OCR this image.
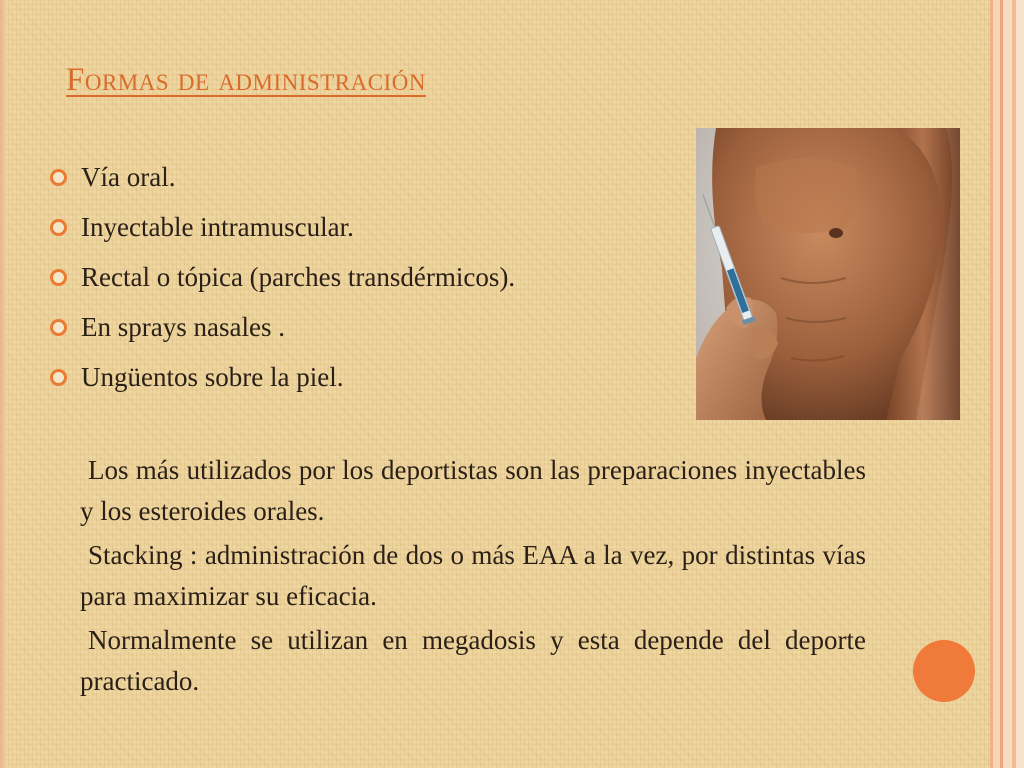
Formas de administración
Vía oral.
Inyectable intramuscular.
Rectal o tópica (parches transdérmicos).
En sprays nasales .
Ungüentos sobre la piel.

Los más utilizados por los deportistas son las preparaciones inyectables y los esteroides orales.

Stacking : administración de dos o más EAA a la vez, por distintas vías para maximizar su eficacia.

Normalmente se utilizan en megadosis y esta depende del deporte practicado.
